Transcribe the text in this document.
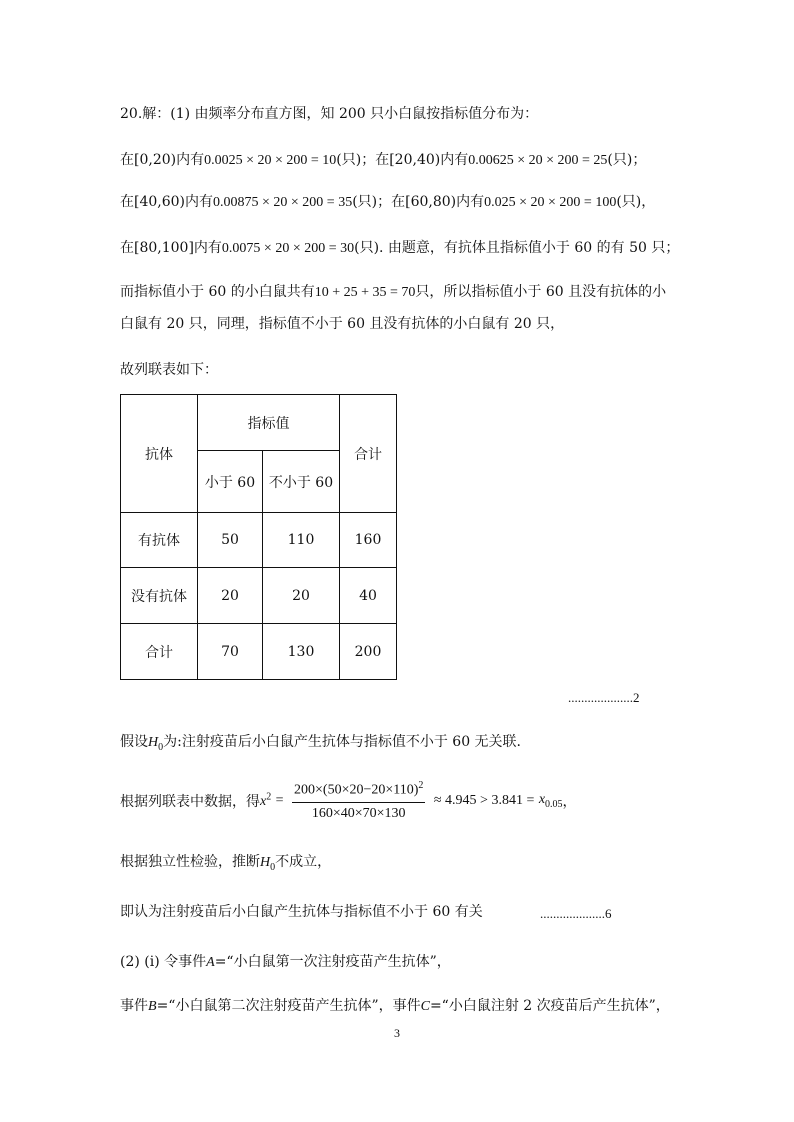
20.解：(1) 由频率分布直方图，知 200 只小白鼠按指标值分布为：
在[0,20)内有0.0025 × 20 × 200 = 10(只)；在[20,40)内有0.00625 × 20 × 200 = 25(只)；
在[40,60)内有0.00875 × 20 × 200 = 35(只)；在[60,80)内有0.025 × 20 × 200 = 100(只)，
在[80,100]内有0.0075 × 20 × 200 = 30(只). 由题意，有抗体且指标值小于 60 的有 50 只；
而指标值小于 60 的小白鼠共有10 + 25 + 35 = 70只，所以指标值小于 60 且没有抗体的小
白鼠有 20 只，同理，指标值不小于 60 且没有抗体的小白鼠有 20 只，
故列联表如下：
抗体	指标值		合计
	小于 60	不小于 60	
有抗体	50	110	160
没有抗体	20	20	40
合计	70	130	200
....................2
假设$H_0$为:注射疫苗后小白鼠产生抗体与指标值不小于 60 无关联.
根据列联表中数据，得$x^2 = \frac{200\times(50\times 20-20\times 110)^2}{160\times 40\times 70\times 130} \approx 4.945 > 3.841 = x_{0.05}$，
根据独立性检验，推断$H_0$不成立，
即认为注射疫苗后小白鼠产生抗体与指标值不小于 60 有关	....................6
(2) (i) 令事件A=“小白鼠第一次注射疫苗产生抗体”，
事件B=“小白鼠第二次注射疫苗产生抗体”，事件C=“小白鼠注射 2 次疫苗后产生抗体”，
3
